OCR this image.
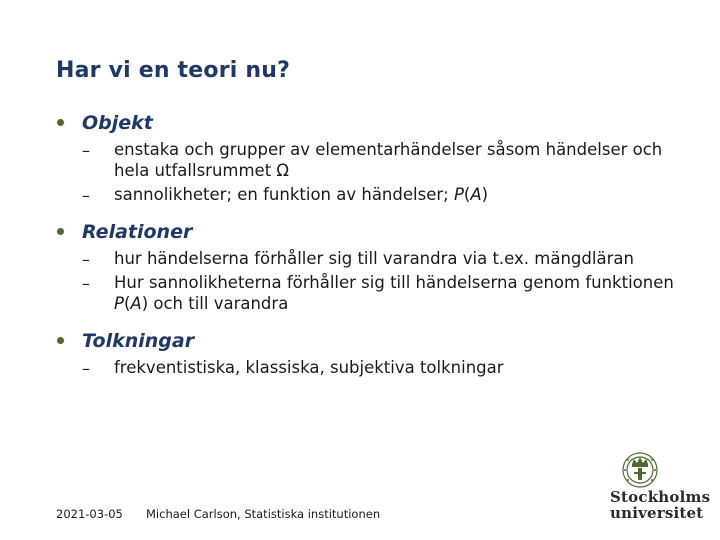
Har vi en teori nu?
Objekt
– enstaka och grupper av elementarhändelser såsom händelser och hela utfallsrummet Ω
– sannolikheter; en funktion av händelser; P(A)
Relationer
– hur händelserna förhåller sig till varandra via t.ex. mängdläran
– Hur sannolikheterna förhåller sig till händelserna genom funktionen P(A) och till varandra
Tolkningar
– frekventistiska, klassiska, subjektiva tolkningar
2021-03-05 Michael Carlson, Statistiska institutionen
Stockholms
universitet
